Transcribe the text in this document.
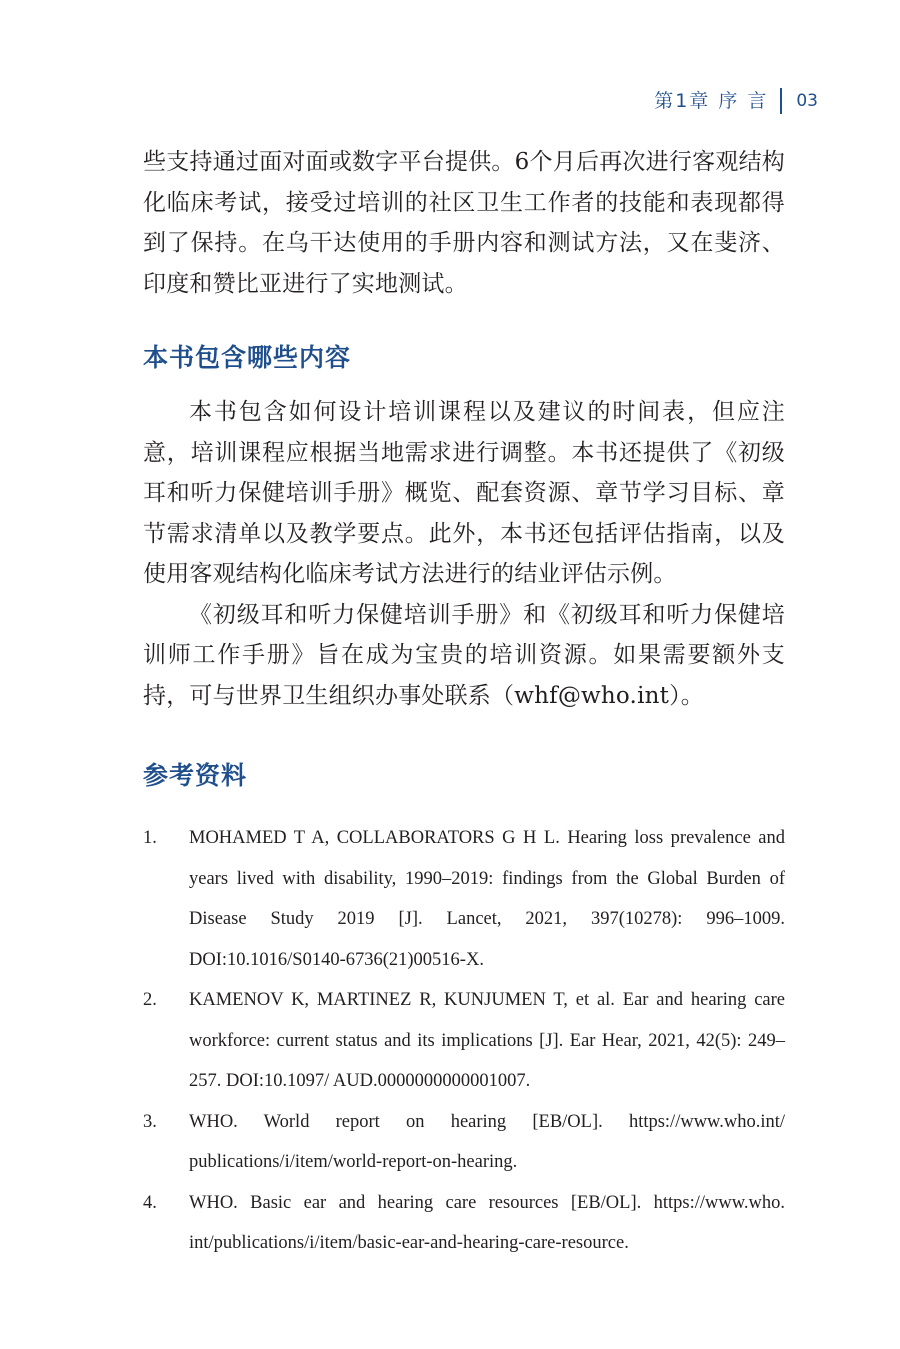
第1章 序 言 03

些支持通过面对面或数字平台提供。6个月后再次进行客观结构化临床考试，接受过培训的社区卫生工作者的技能和表现都得到了保持。在乌干达使用的手册内容和测试方法，又在斐济、印度和赞比亚进行了实地测试。

本书包含哪些内容

本书包含如何设计培训课程以及建议的时间表，但应注意，培训课程应根据当地需求进行调整。本书还提供了《初级耳和听力保健培训手册》概览、配套资源、章节学习目标、章节需求清单以及教学要点。此外，本书还包括评估指南，以及使用客观结构化临床考试方法进行的结业评估示例。

《初级耳和听力保健培训手册》和《初级耳和听力保健培训师工作手册》旨在成为宝贵的培训资源。如果需要额外支持，可与世界卫生组织办事处联系（whf@who.int）。

参考资料
1. MOHAMED T A, COLLABORATORS G H L. Hearing loss prevalence and years lived with disability, 1990–2019: findings from the Global Burden of Disease Study 2019 [J]. Lancet, 2021, 397(10278): 996–1009. DOI:10.1016/S0140-6736(21)00516-X.
2. KAMENOV K, MARTINEZ R, KUNJUMEN T, et al. Ear and hearing care workforce: current status and its implications [J]. Ear Hear, 2021, 42(5): 249–257. DOI:10.1097/ AUD.0000000000001007.
3. WHO. World report on hearing [EB/OL]. https://www.who.int/ publications/i/item/world-report-on-hearing.
4. WHO. Basic ear and hearing care resources [EB/OL]. https://www.who. int/publications/i/item/basic-ear-and-hearing-care-resource.
